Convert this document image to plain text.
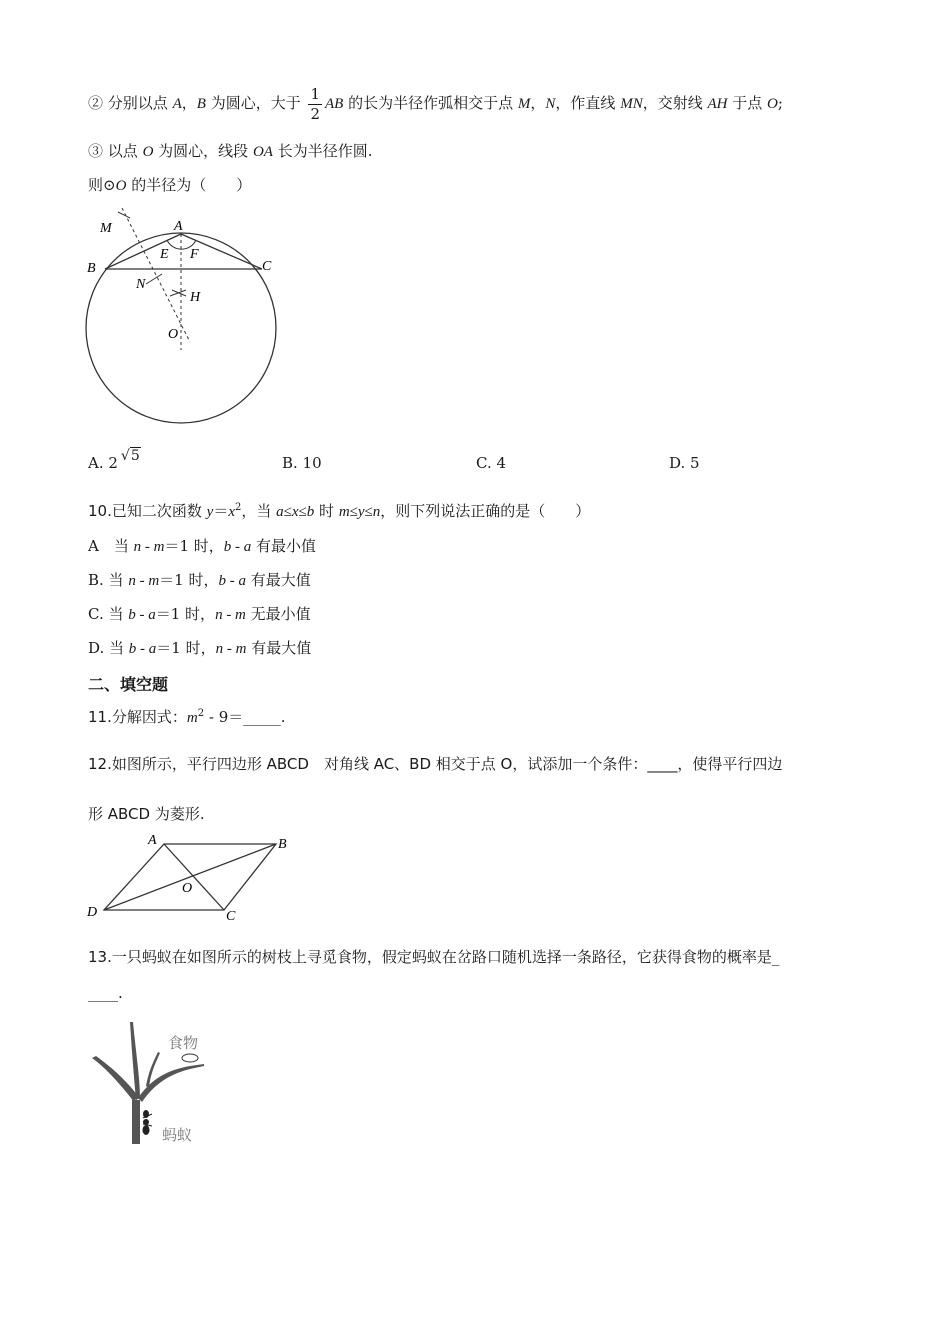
② 分别以点 A，B 为圆心，大于 $\frac{1}{2}$ AB 的长为半径作弧相交于点 M，N，作直线 MN，交射线 AH 于点 O;
③ 以点 O 为圆心，线段 OA 长为半径作圆.
则⊙O 的半径为（　　）
M	A
E F
B	C
N
H
O
A. 2 √5	B. 10	C. 4	D. 5
10.已知二次函数 $y=x^2$，当 a≤x≤b 时 m≤y≤n，则下列说法正确的是（　　）
A　当 n - m＝1 时，b - a 有最小值
B. 当 n - m＝1 时，b - a 有最大值
C. 当 b - a＝1 时，n - m 无最小值
D. 当 b - a＝1 时，n - m 有最大值
二、填空题
11.分解因式：$m^2$ - 9＝_____.
12.如图所示，平行四边形 ABCD　对角线 AC、BD 相交于点 O，试添加一个条件：____，使得平行四边
形 ABCD 为菱形.
A	B
O
D	C
13.一只蚂蚁在如图所示的树枝上寻觅食物，假定蚂蚁在岔路口随机选择一条路径，它获得食物的概率是_
____.
食物
蚂蚁
